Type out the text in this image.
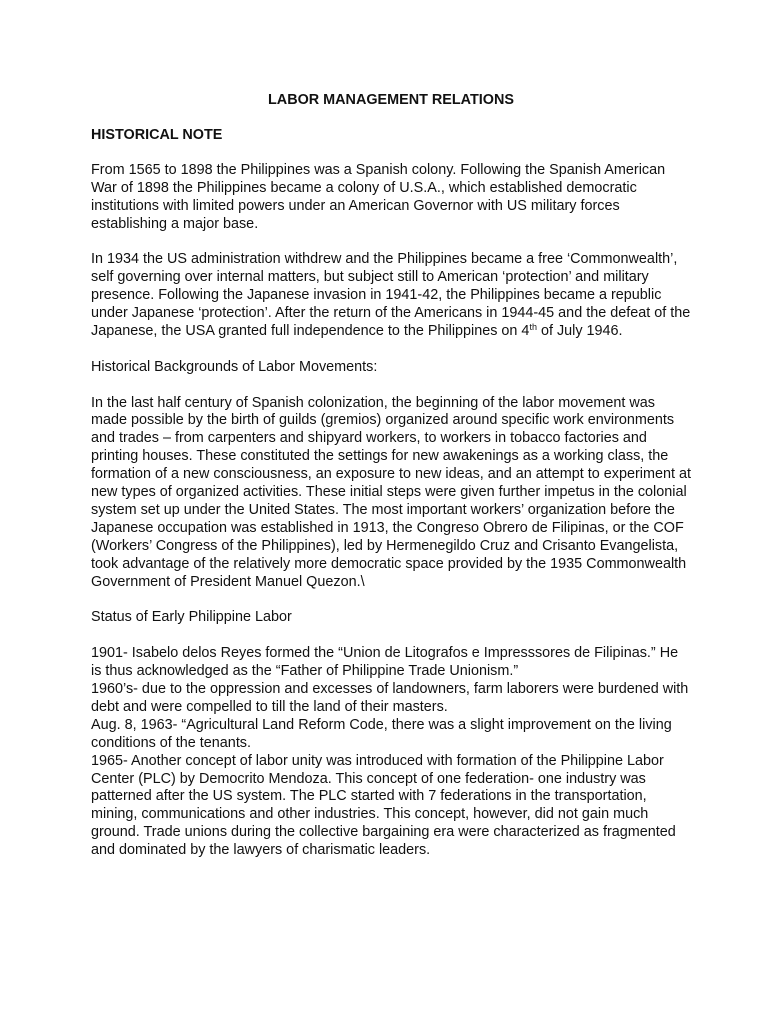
LABOR MANAGEMENT RELATIONS
HISTORICAL NOTE

From 1565 to 1898 the Philippines was a Spanish colony. Following the Spanish American War of 1898 the Philippines became a colony of U.S.A., which established democratic institutions with limited powers under an American Governor with US military forces establishing a major base.

In 1934 the US administration withdrew and the Philippines became a free ‘Commonwealth’, self governing over internal matters, but subject still to American ‘protection’ and military presence. Following the Japanese invasion in 1941-42, the Philippines became a republic under Japanese ‘protection’. After the return of the Americans in 1944-45 and the defeat of the Japanese, the USA granted full independence to the Philippines on 4th of July 1946.

Historical Backgrounds of Labor Movements:

In the last half century of Spanish colonization, the beginning of the labor movement was made possible by the birth of guilds (gremios) organized around specific work environments and trades – from carpenters and shipyard workers, to workers in tobacco factories and printing houses. These constituted the settings for new awakenings as a working class, the formation of a new consciousness, an exposure to new ideas, and an attempt to experiment at new types of organized activities. These initial steps were given further impetus in the colonial system set up under the United States. The most important workers’ organization before the Japanese occupation was established in 1913, the Congreso Obrero de Filipinas, or the COF (Workers’ Congress of the Philippines), led by Hermenegildo Cruz and Crisanto Evangelista, took advantage of the relatively more democratic space provided by the 1935 Commonwealth Government of President Manuel Quezon.\

Status of Early Philippine Labor

1901- Isabelo delos Reyes formed the “Union de Litografos e Impresssores de Filipinas.” He is thus acknowledged as the “Father of Philippine Trade Unionism.”
1960’s- due to the oppression and excesses of landowners, farm laborers were burdened with debt and were compelled to till the land of their masters.
Aug. 8, 1963- “Agricultural Land Reform Code, there was a slight improvement on the living conditions of the tenants.
1965- Another concept of labor unity was introduced with formation of the Philippine Labor Center (PLC) by Democrito Mendoza. This concept of one federation- one industry was patterned after the US system. The PLC started with 7 federations in the transportation, mining, communications and other industries. This concept, however, did not gain much ground. Trade unions during the collective bargaining era were characterized as fragmented and dominated by the lawyers of charismatic leaders.
